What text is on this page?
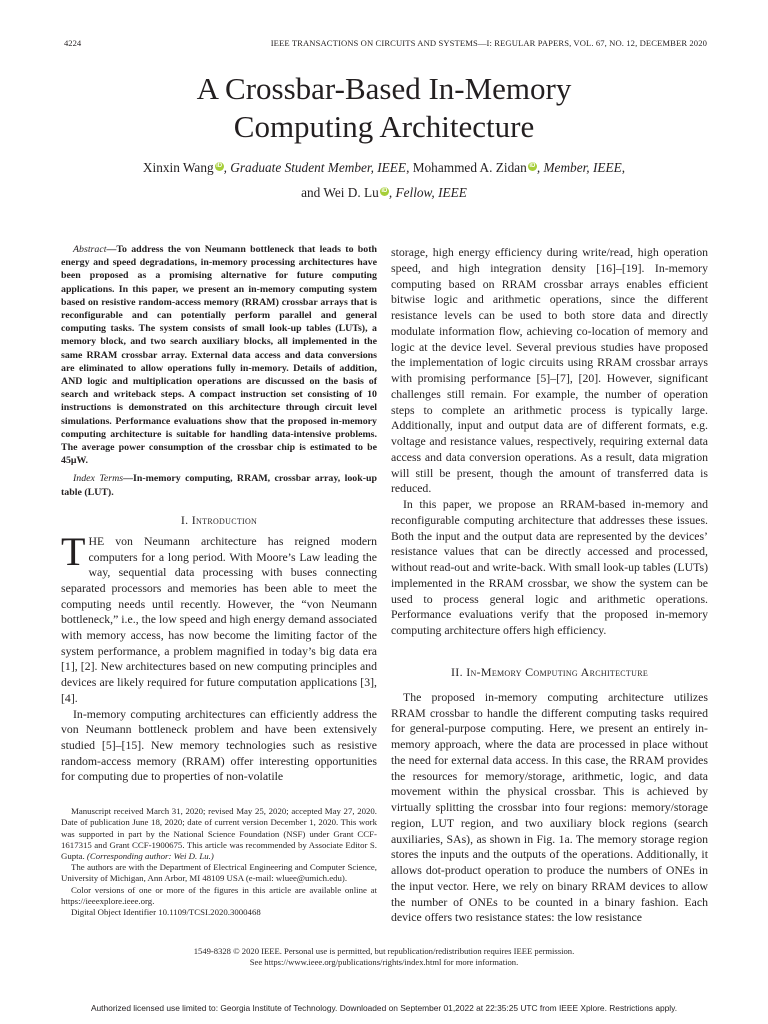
4224	IEEE TRANSACTIONS ON CIRCUITS AND SYSTEMS—I: REGULAR PAPERS, VOL. 67, NO. 12, DECEMBER 2020
A Crossbar-Based In-Memory
Computing Architecture
Xinxin Wang iD , Graduate Student Member, IEEE, Mohammed A. Zidan iD , Member, IEEE,
and Wei D. Lu iD , Fellow, IEEE

Abstract—To address the von Neumann bottleneck that leads to both energy and speed degradations, in-memory processing architectures have been proposed as a promising alternative for future computing applications. In this paper, we present an in-memory computing system based on resistive random-access memory (RRAM) crossbar arrays that is reconfigurable and can potentially perform parallel and general computing tasks. The system consists of small look-up tables (LUTs), a memory block, and two search auxiliary blocks, all implemented in the same RRAM crossbar array. External data access and data conversions are eliminated to allow operations fully in-memory. Details of addition, AND logic and multiplication operations are discussed on the basis of search and writeback steps. A compact instruction set consisting of 10 instructions is demonstrated on this architecture through circuit level simulations. Performance evaluations show that the proposed in-memory computing architecture is suitable for handling data-intensive problems. The average power consumption of the crossbar chip is estimated to be 45μW.

Index Terms—In-memory computing, RRAM, crossbar array, look-up table (LUT).

I. Introduction

THE von Neumann architecture has reigned modern computers for a long period. With Moore’s Law leading the way, sequential data processing with buses connecting separated processors and memories has been able to meet the computing needs until recently. However, the “von Neumann bottleneck,” i.e., the low speed and high energy demand associated with memory access, has now become the limiting factor of the system performance, a problem magnified in today’s big data era [1], [2]. New architectures based on new computing principles and devices are likely required for future computation applications [3], [4].

In-memory computing architectures can efficiently address the von Neumann bottleneck problem and have been extensively studied [5]–[15]. New memory technologies such as resistive random-access memory (RRAM) offer interesting opportunities for computing due to properties of non-volatile

Manuscript received March 31, 2020; revised May 25, 2020; accepted May 27, 2020. Date of publication June 18, 2020; date of current version December 1, 2020. This work was supported in part by the National Science Foundation (NSF) under Grant CCF-1617315 and Grant CCF-1900675. This article was recommended by Associate Editor S. Gupta. (Corresponding author: Wei D. Lu.)

The authors are with the Department of Electrical Engineering and Computer Science, University of Michigan, Ann Arbor, MI 48109 USA (e-mail: wluee@umich.edu).

Color versions of one or more of the figures in this article are available online at https://ieeexplore.ieee.org.

Digital Object Identifier 10.1109/TCSI.2020.3000468

storage, high energy efficiency during write/read, high operation speed, and high integration density [16]–[19]. In-memory computing based on RRAM crossbar arrays enables efficient bitwise logic and arithmetic operations, since the different resistance levels can be used to both store data and directly modulate information flow, achieving co-location of memory and logic at the device level. Several previous studies have proposed the implementation of logic circuits using RRAM crossbar arrays with promising performance [5]–[7], [20]. However, significant challenges still remain. For example, the number of operation steps to complete an arithmetic process is typically large. Additionally, input and output data are of different formats, e.g. voltage and resistance values, respectively, requiring external data access and data conversion operations. As a result, data migration will still be present, though the amount of transferred data is reduced.

In this paper, we propose an RRAM-based in-memory and reconfigurable computing architecture that addresses these issues. Both the input and the output data are represented by the devices’ resistance values that can be directly accessed and processed, without read-out and write-back. With small look-up tables (LUTs) implemented in the RRAM crossbar, we show the system can be used to process general logic and arithmetic operations. Performance evaluations verify that the proposed in-memory computing architecture offers high efficiency.

II. In-Memory Computing Architecture

The proposed in-memory computing architecture utilizes RRAM crossbar to handle the different computing tasks required for general-purpose computing. Here, we present an entirely in-memory approach, where the data are processed in place without the need for external data access. In this case, the RRAM provides the resources for memory/storage, arithmetic, logic, and data movement within the physical crossbar. This is achieved by virtually splitting the crossbar into four regions: memory/storage region, LUT region, and two auxiliary block regions (search auxiliaries, SAs), as shown in Fig. 1a. The memory storage region stores the inputs and the outputs of the operations. Additionally, it allows dot-product operation to produce the numbers of ONEs in the input vector. Here, we rely on binary RRAM devices to allow the number of ONEs to be counted in a binary fashion. Each device offers two resistance states: the low resistance

1549-8328 © 2020 IEEE. Personal use is permitted, but republication/redistribution requires IEEE permission.
See https://www.ieee.org/publications/rights/index.html for more information.
Authorized licensed use limited to: Georgia Institute of Technology. Downloaded on September 01,2022 at 22:35:25 UTC from IEEE Xplore. Restrictions apply.
